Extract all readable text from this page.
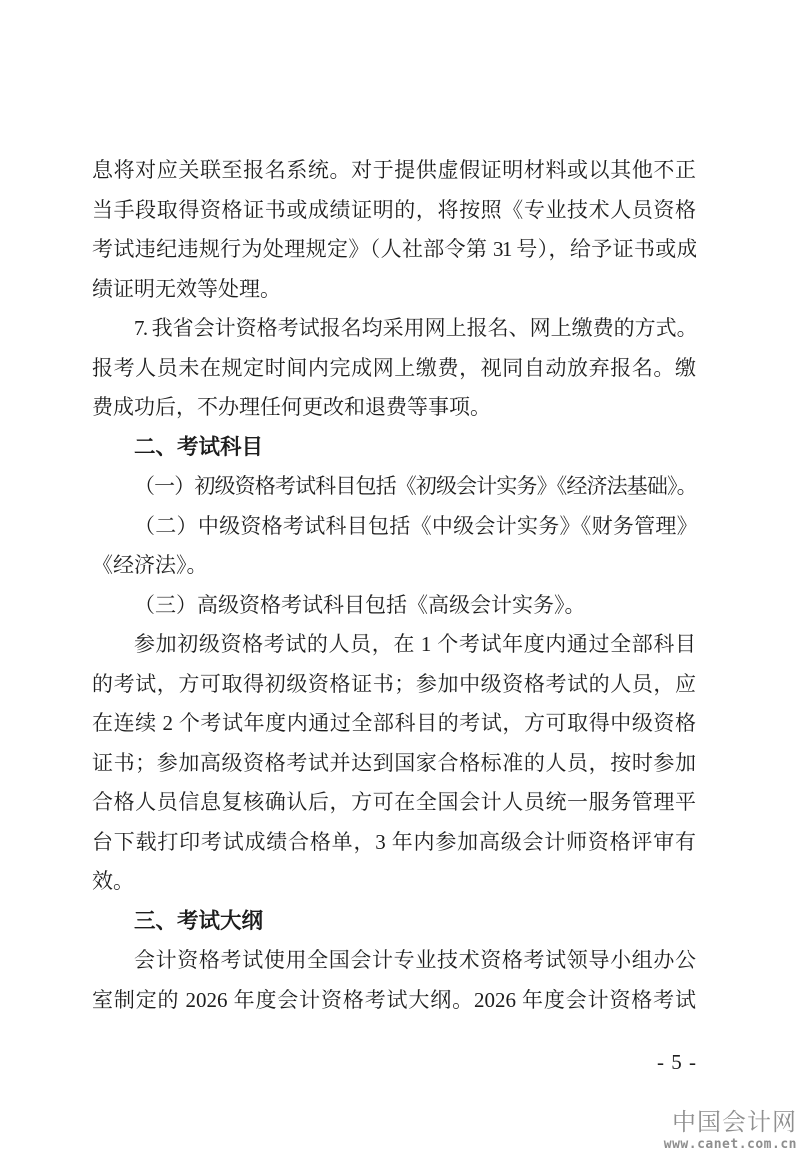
息将对应关联至报名系统。对于提供虚假证明材料或以其他不正
当手段取得资格证书或成绩证明的，将按照《专业技术人员资格
考试违纪违规行为处理规定》（人社部令第 31 号），给予证书或成
绩证明无效等处理。
7. 我省会计资格考试报名均采用网上报名、网上缴费的方式。
报考人员未在规定时间内完成网上缴费，视同自动放弃报名。缴
费成功后，不办理任何更改和退费等事项。
二、考试科目
（一）初级资格考试科目包括《初级会计实务》《经济法基础》。
（二）中级资格考试科目包括《中级会计实务》《财务管理》
《经济法》。
（三）高级资格考试科目包括《高级会计实务》。
参加初级资格考试的人员，在 1 个考试年度内通过全部科目
的考试，方可取得初级资格证书；参加中级资格考试的人员，应
在连续 2 个考试年度内通过全部科目的考试，方可取得中级资格
证书；参加高级资格考试并达到国家合格标准的人员，按时参加
合格人员信息复核确认后，方可在全国会计人员统一服务管理平
台下载打印考试成绩合格单，3 年内参加高级会计师资格评审有
效。
三、考试大纲
会计资格考试使用全国会计专业技术资格考试领导小组办公
室制定的 2026 年度会计资格考试大纲。2026 年度会计资格考试
- 5 -
中国会计网
www.canet.com.cn
